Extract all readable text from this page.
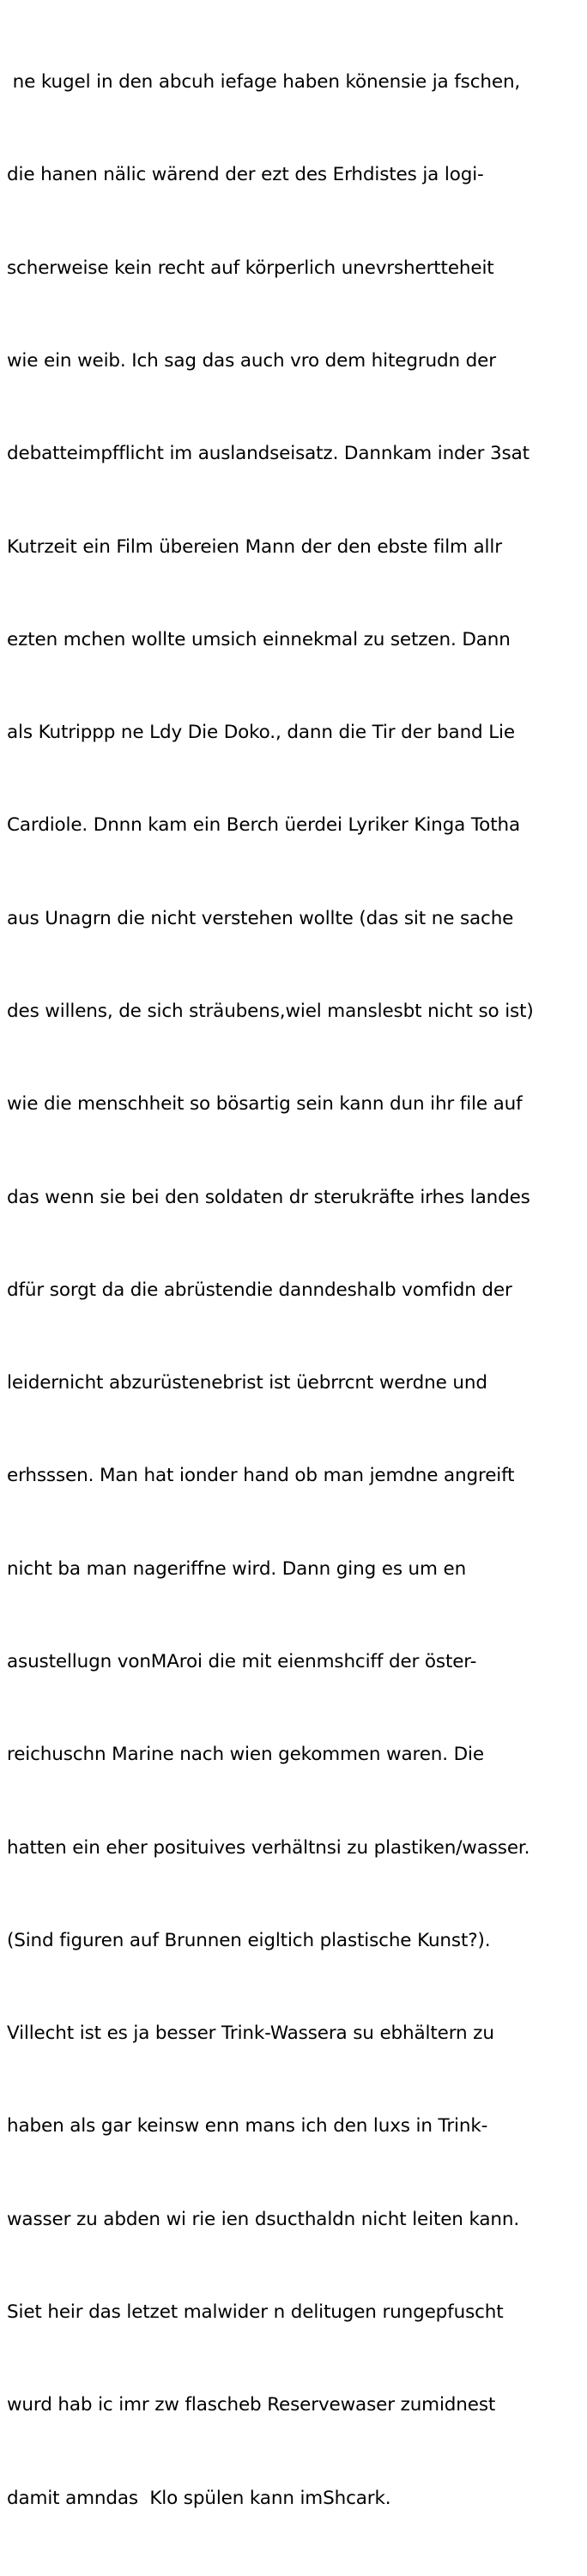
ne kugel in den abcuh iefage haben könensie ja fschen,

die hanen nälic wärend der ezt des Erhdistes ja logi-

scherweise kein recht auf körperlich unevrshertteheit

wie ein weib. Ich sag das auch vro dem hitegrudn der

debatteimpfflicht im auslandseisatz. Dannkam inder 3sat

Kutrzeit ein Film übereien Mann der den ebste film allr

ezten mchen wollte umsich einnekmal zu setzen. Dann

als Kutrippp ne Ldy Die Doko., dann die Tir der band Lie

Cardiole. Dnnn kam ein Berch üerdei Lyriker Kinga Totha

aus Unagrn die nicht verstehen wollte (das sit ne sache

des willens, de sich sträubens,wiel manslesbt nicht so ist)

wie die menschheit so bösartig sein kann dun ihr file auf

das wenn sie bei den soldaten dr sterukräfte irhes landes

dfür sorgt da die abrüstendie danndeshalb vomfidn der

leidernicht abzurüstenebrist ist üebrrcnt werdne und

erhsssen. Man hat ionder hand ob man jemdne angreift

nicht ba man nageriffne wird. Dann ging es um en

asustellugn vonMAroi die mit eienmshciff der öster-

reichuschn Marine nach wien gekommen waren. Die

hatten ein eher posituives verhältnsi zu plastiken/wasser.

(Sind figuren auf Brunnen eigltich plastische Kunst?).

Villecht ist es ja besser Trink-Wassera su ebhältern zu

haben als gar keinsw enn mans ich den luxs in Trink-

wasser zu abden wi rie ien dsucthaldn nicht leiten kann.

Siet heir das letzet malwider n delitugen rungepfuscht

wurd hab ic imr zw flascheb Reservewaser zumidnest

damit amndas  Klo spülen kann imShcark.
